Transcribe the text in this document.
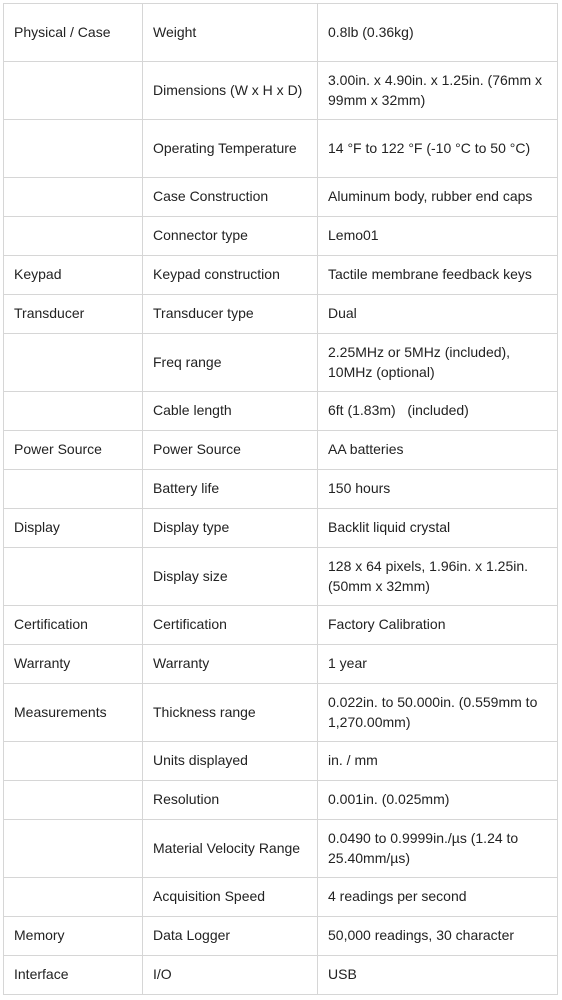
Physical / Case	Weight	0.8lb (0.36kg)
	Dimensions (W x H x D)	3.00in. x 4.90in. x 1.25in. (76mm x 99mm x 32mm)
	Operating Temperature	14 °F to 122 °F (-10 °C to 50 °C)
	Case Construction	Aluminum body, rubber end caps
	Connector type	Lemo01
Keypad	Keypad construction	Tactile membrane feedback keys
Transducer	Transducer type	Dual
	Freq range	2.25MHz or 5MHz (included), 10MHz (optional)
	Cable length	6ft (1.83m)   (included)
Power Source	Power Source	AA batteries
	Battery life	150 hours
Display	Display type	Backlit liquid crystal
	Display size	128 x 64 pixels, 1.96in. x 1.25in. (50mm x 32mm)
Certification	Certification	Factory Calibration
Warranty	Warranty	1 year
Measurements	Thickness range	0.022in. to 50.000in. (0.559mm to 1,270.00mm)
	Units displayed	in. / mm
	Resolution	0.001in. (0.025mm)
	Material Velocity Range	0.0490 to 0.9999in./µs (1.24 to 25.40mm/µs)
	Acquisition Speed	4 readings per second
Memory	Data Logger	50,000 readings, 30 character
Interface	I/O	USB
